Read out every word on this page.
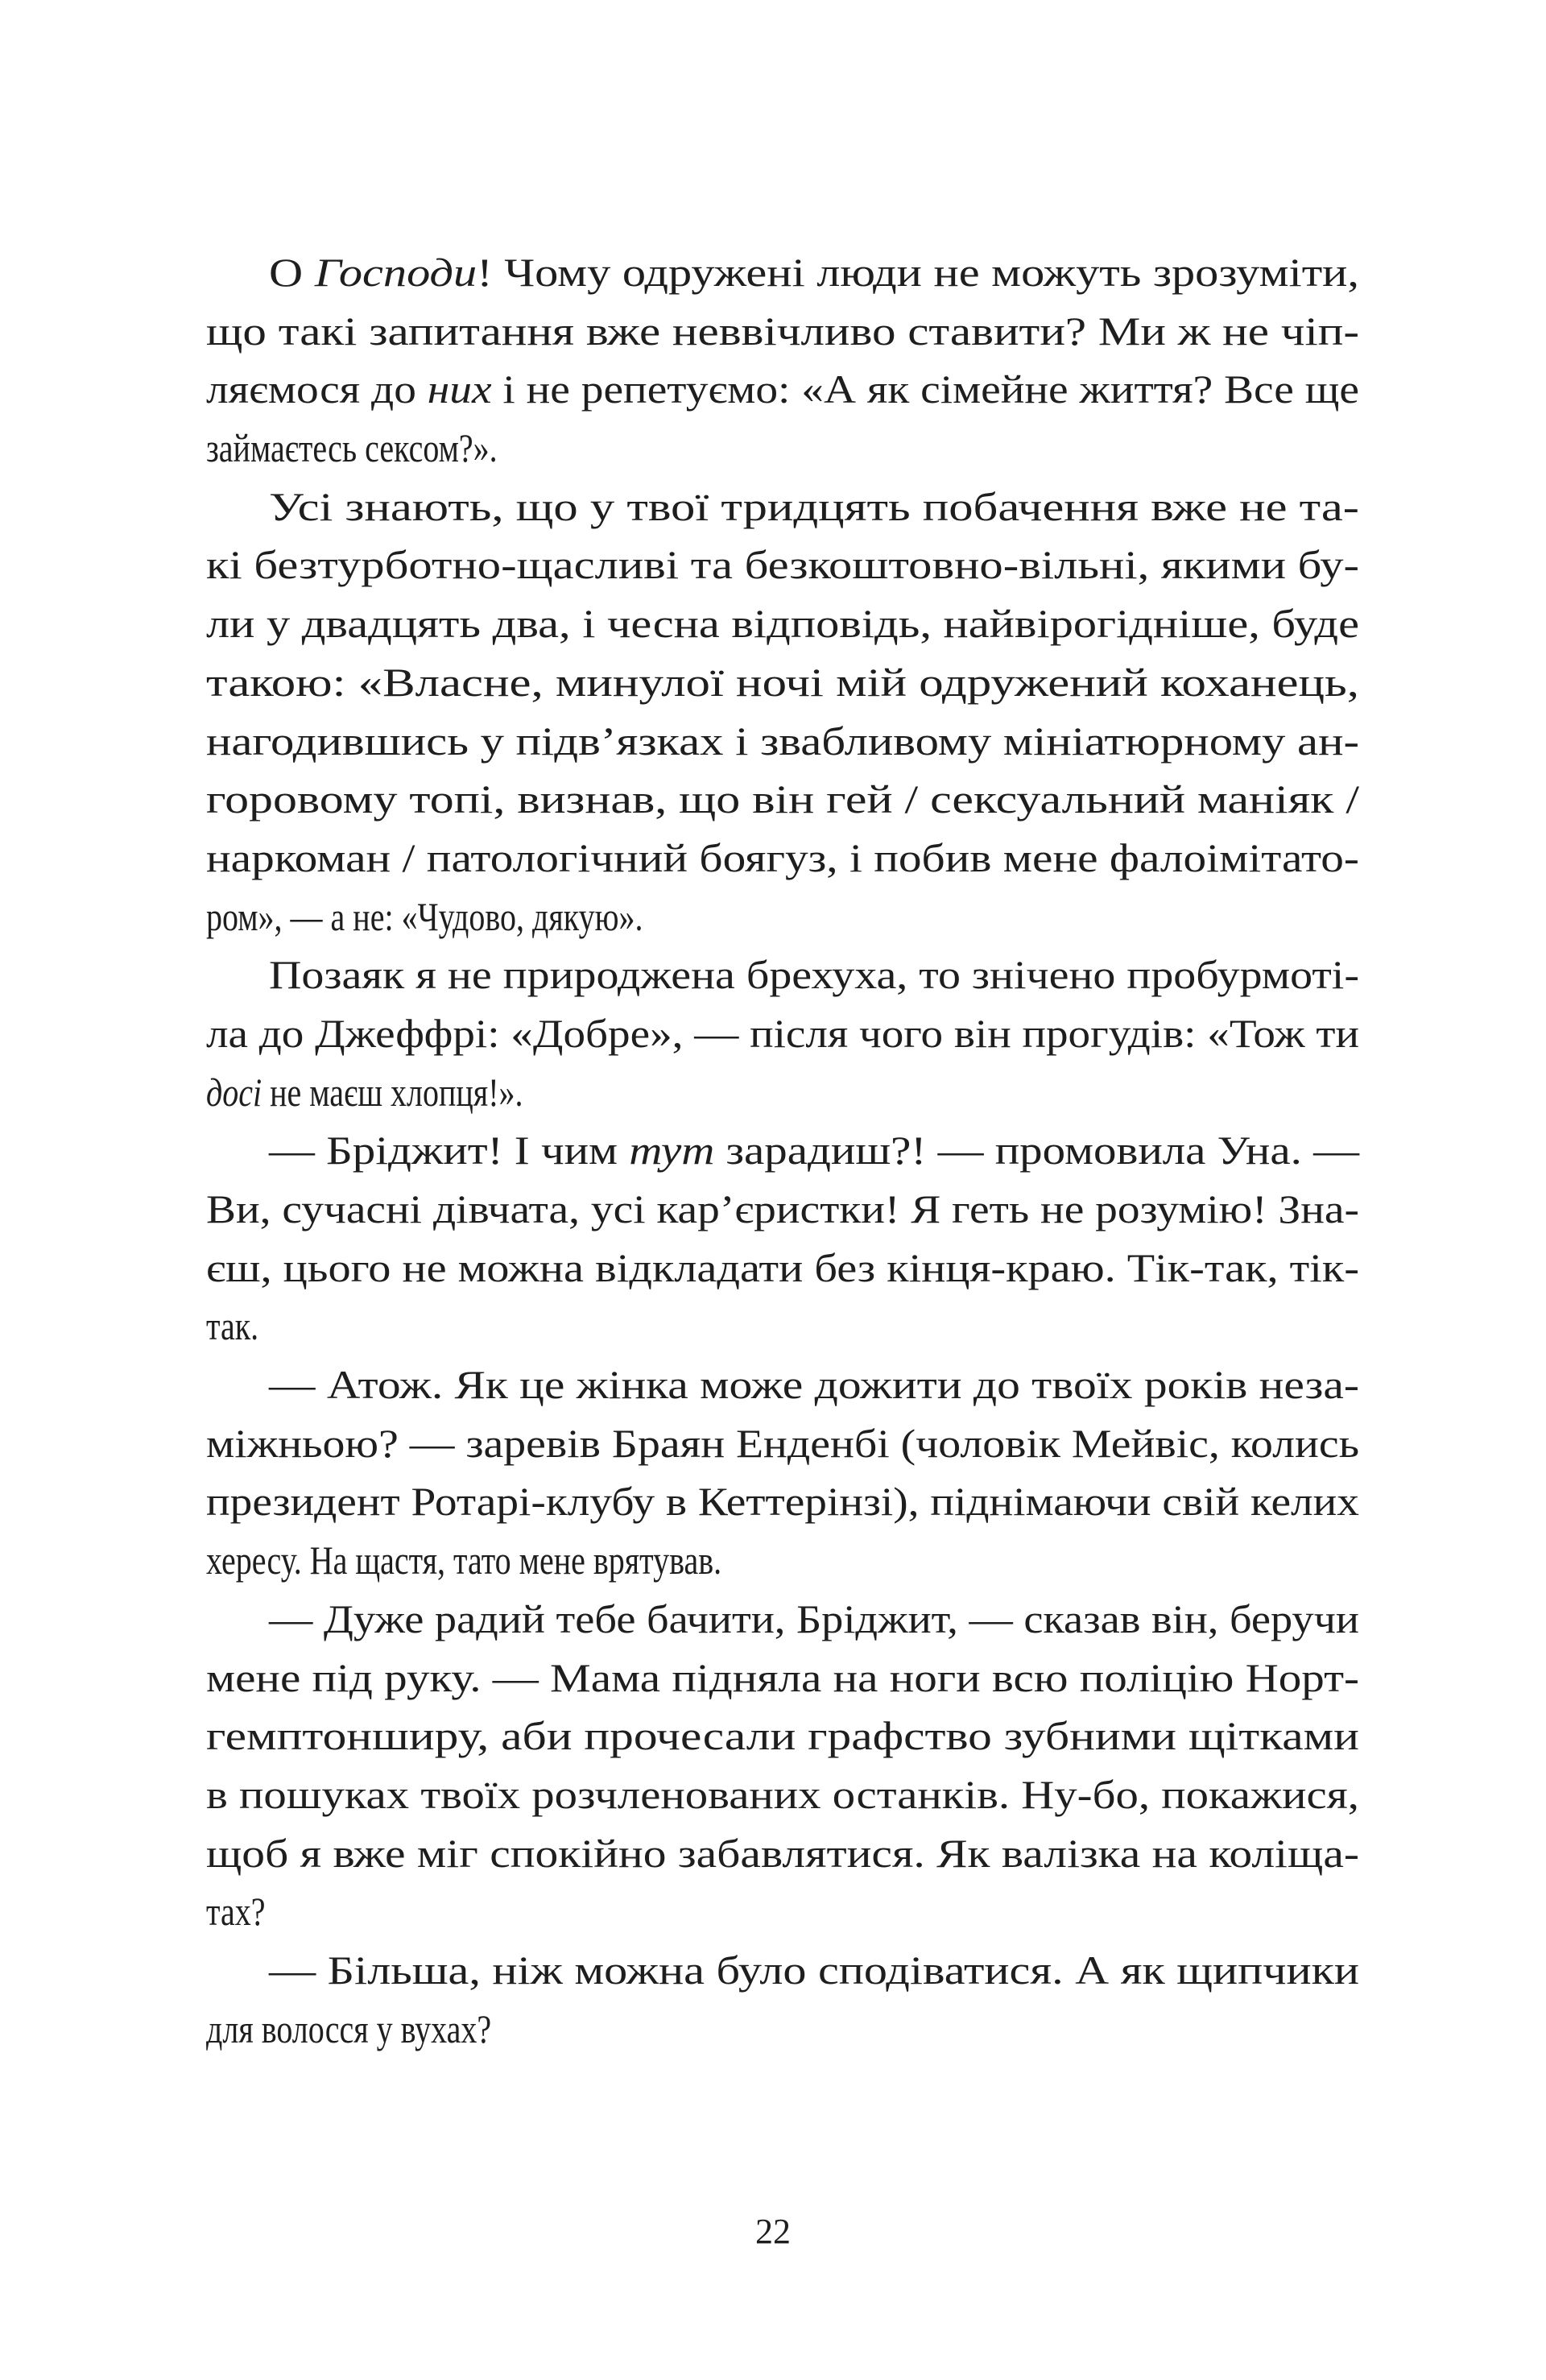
О Господи! Чому одружені люди не можуть зрозуміти,
що такі запитання вже неввічливо ставити? Ми ж не чіп-
ляємося до них і не репетуємо: «А як сімейне життя? Все ще
займаєтесь сексом?».
Усі знають, що у твої тридцять побачення вже не та-
кі безтурботно-щасливі та безкоштовно-вільні, якими бу-
ли у двадцять два, і чесна відповідь, найвірогідніше, буде
такою: «Власне, минулої ночі мій одружений коханець,
нагодившись у підв’язках і звабливому мініатюрному ан-
горовому топі, визнав, що він гей / сексуальний маніяк /
наркоман / патологічний боягуз, і побив мене фалоімітато-
ром», — а не: «Чудово, дякую».
Позаяк я не природжена брехуха, то знічено пробурмоті-
ла до Джеффрі: «Добре», — після чого він прогудів: «Тож ти
досі не маєш хлопця!».
— Бріджит! І чим тут зарадиш?! — промовила Уна. —
Ви, сучасні дівчата, усі кар’єристки! Я геть не розумію! Зна-
єш, цього не можна відкладати без кінця-краю. Тік-так, тік-
так.
— Атож. Як це жінка може дожити до твоїх років неза-
міжньою? — заревів Браян Енденбі (чоловік Мейвіс, колись
президент Ротарі-клубу в Кеттерінзі), піднімаючи свій келих
хересу. На щастя, тато мене врятував.
— Дуже радий тебе бачити, Бріджит, — сказав він, беручи
мене під руку. — Мама підняла на ноги всю поліцію Норт-
гемптонширу, аби прочесали графство зубними щітками
в пошуках твоїх розчленованих останків. Ну-бо, покажися,
щоб я вже міг спокійно забавлятися. Як валізка на коліща-
тах?
— Більша, ніж можна було сподіватися. А як щипчики
для волосся у вухах?
22
